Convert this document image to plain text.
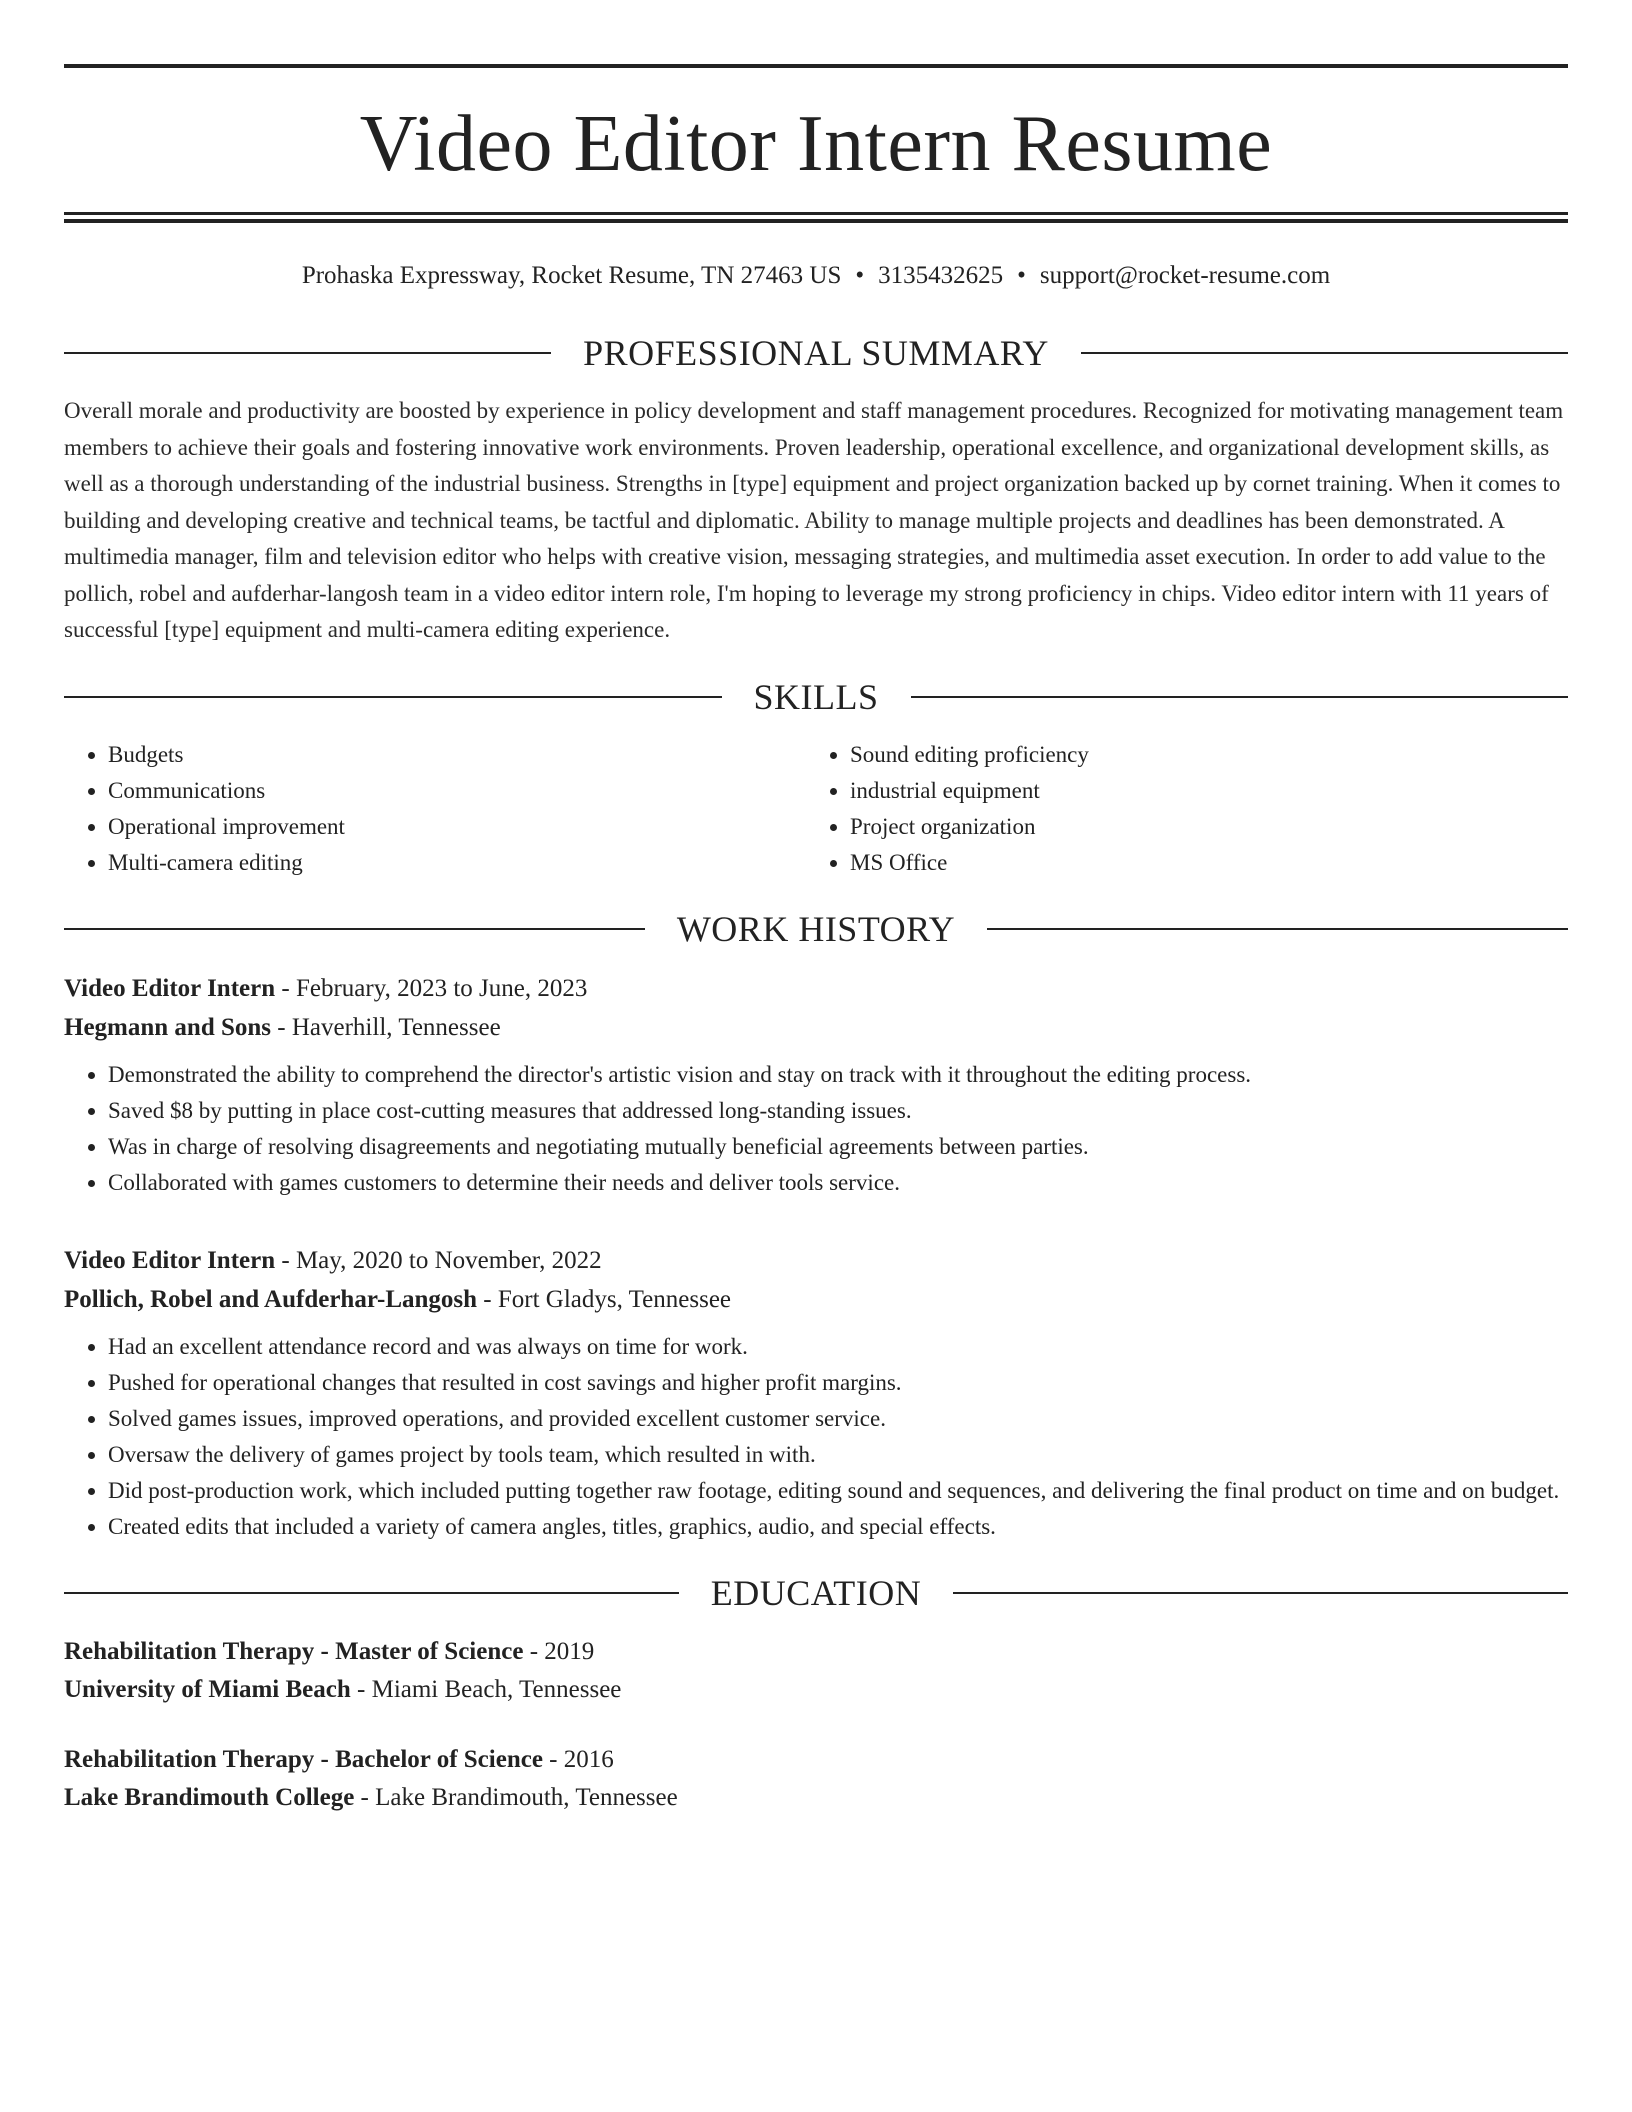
Video Editor Intern Resume
Prohaska Expressway, Rocket Resume, TN 27463 US • 3135432625 • support@rocket-resume.com
PROFESSIONAL SUMMARY

Overall morale and productivity are boosted by experience in policy development and staff management procedures. Recognized for motivating management team members to achieve their goals and fostering innovative work environments. Proven leadership, operational excellence, and organizational development skills, as well as a thorough understanding of the industrial business. Strengths in [type] equipment and project organization backed up by cornet training. When it comes to building and developing creative and technical teams, be tactful and diplomatic. Ability to manage multiple projects and deadlines has been demonstrated. A multimedia manager, film and television editor who helps with creative vision, messaging strategies, and multimedia asset execution. In order to add value to the pollich, robel and aufderhar-langosh team in a video editor intern role, I'm hoping to leverage my strong proficiency in chips. Video editor intern with 11 years of successful [type] equipment and multi-camera editing experience.

SKILLS
• Budgets
• Communications
• Operational improvement
• Multi-camera editing
• Sound editing proficiency
• industrial equipment
• Project organization
• MS Office
WORK HISTORY
Video Editor Intern - February, 2023 to June, 2023
Hegmann and Sons - Haverhill, Tennessee
• Demonstrated the ability to comprehend the director's artistic vision and stay on track with it throughout the editing process.
• Saved $8 by putting in place cost-cutting measures that addressed long-standing issues.
• Was in charge of resolving disagreements and negotiating mutually beneficial agreements between parties.
• Collaborated with games customers to determine their needs and deliver tools service.
Video Editor Intern - May, 2020 to November, 2022
Pollich, Robel and Aufderhar-Langosh - Fort Gladys, Tennessee
• Had an excellent attendance record and was always on time for work.
• Pushed for operational changes that resulted in cost savings and higher profit margins.
• Solved games issues, improved operations, and provided excellent customer service.
• Oversaw the delivery of games project by tools team, which resulted in with.
• Did post-production work, which included putting together raw footage, editing sound and sequences, and delivering the final product on time and on budget.
• Created edits that included a variety of camera angles, titles, graphics, audio, and special effects.
EDUCATION
Rehabilitation Therapy - Master of Science - 2019
University of Miami Beach - Miami Beach, Tennessee
Rehabilitation Therapy - Bachelor of Science - 2016
Lake Brandimouth College - Lake Brandimouth, Tennessee
